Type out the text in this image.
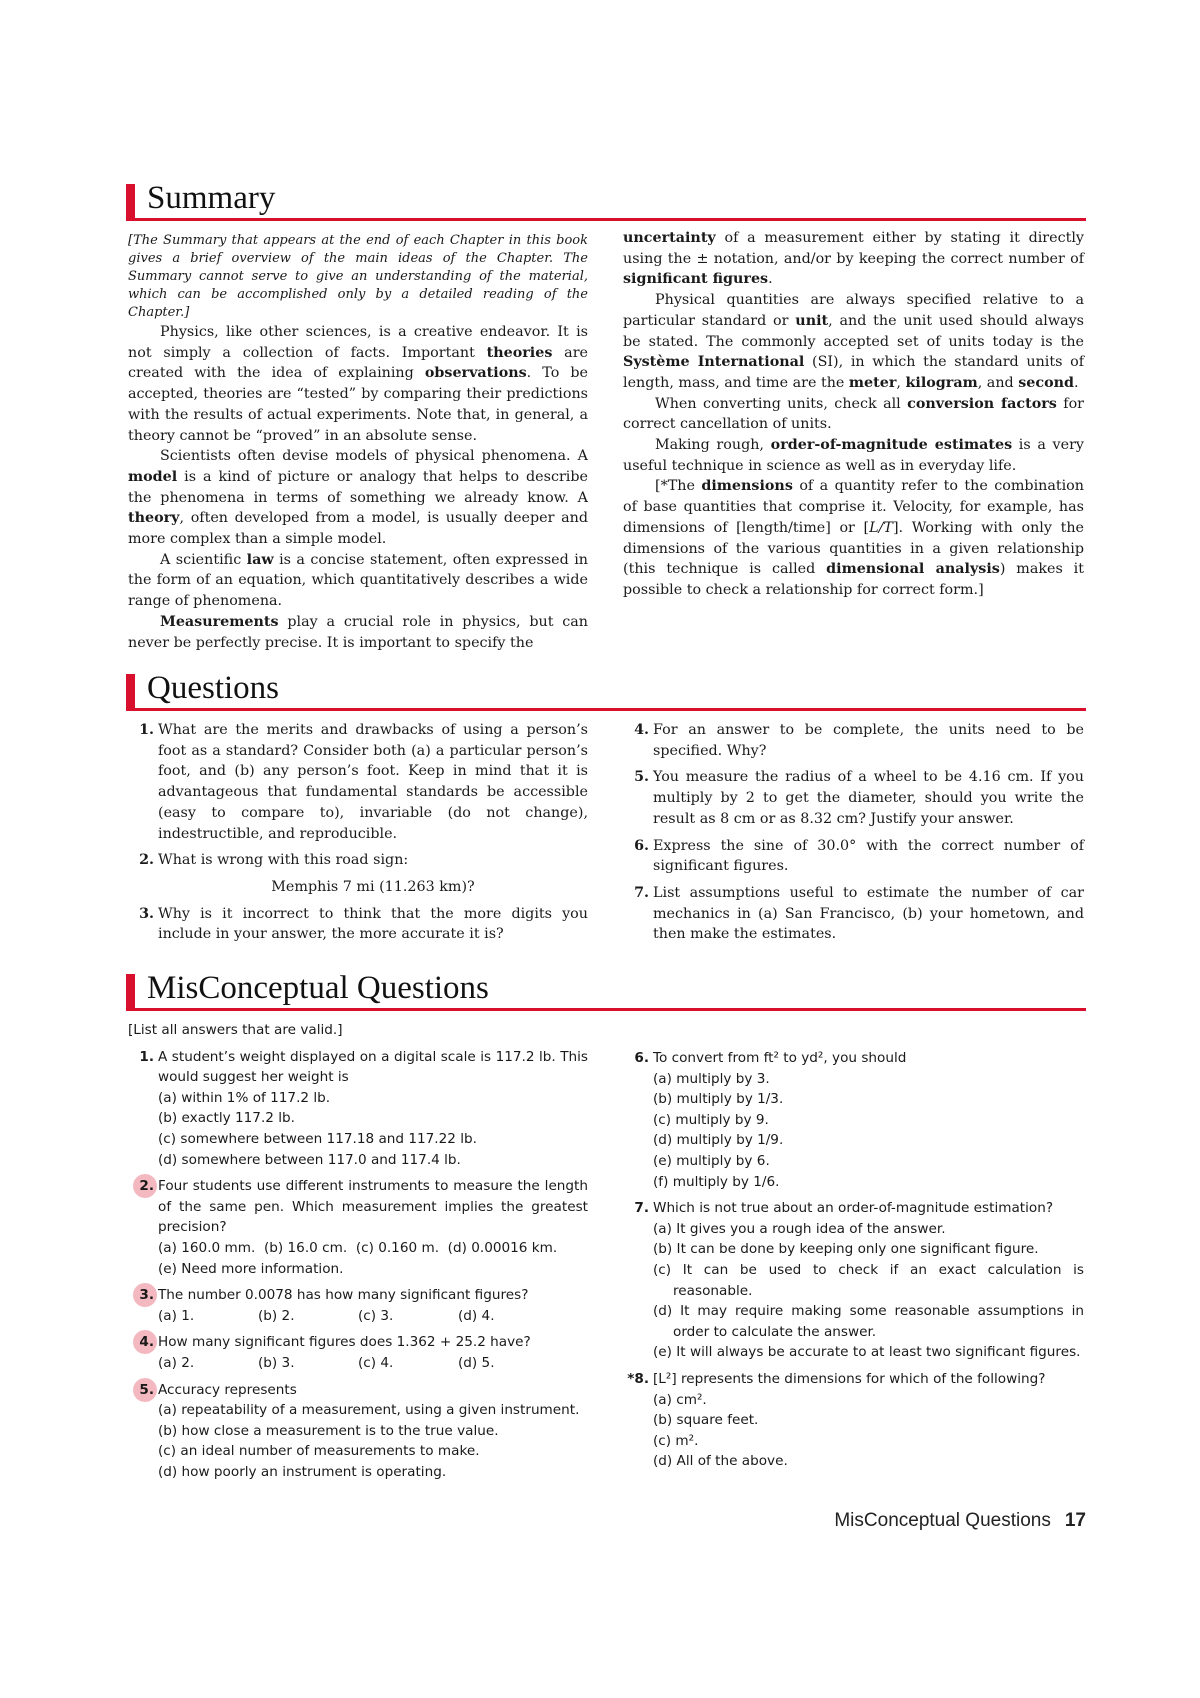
Summary

[The Summary that appears at the end of each Chapter in this book gives a brief overview of the main ideas of the Chapter. The Summary cannot serve to give an understanding of the material, which can be accomplished only by a detailed reading of the Chapter.]

Physics, like other sciences, is a creative endeavor. It is not simply a collection of facts. Important theories are created with the idea of explaining observations. To be accepted, theories are “tested” by comparing their predictions with the results of actual experiments. Note that, in general, a theory cannot be “proved” in an absolute sense.

Scientists often devise models of physical phenomena. A model is a kind of picture or analogy that helps to describe the phenomena in terms of something we already know. A theory, often developed from a model, is usually deeper and more complex than a simple model.

A scientific law is a concise statement, often expressed in the form of an equation, which quantitatively describes a wide range of phenomena.

Measurements play a crucial role in physics, but can never be perfectly precise. It is important to specify the

uncertainty of a measurement either by stating it directly using the ± notation, and/or by keeping the correct number of significant figures.

Physical quantities are always specified relative to a particular standard or unit, and the unit used should always be stated. The commonly accepted set of units today is the Système International (SI), in which the standard units of length, mass, and time are the meter, kilogram, and second.

When converting units, check all conversion factors for correct cancellation of units.

Making rough, order-of-magnitude estimates is a very useful technique in science as well as in everyday life.

[*The dimensions of a quantity refer to the combination of base quantities that comprise it. Velocity, for example, has dimensions of [length/time] or [L/T]. Working with only the dimensions of the various quantities in a given relationship (this technique is called dimensional analysis) makes it possible to check a relationship for correct form.]

Questions
1. What are the merits and drawbacks of using a person’s foot as a standard? Consider both (a) a particular person’s foot, and (b) any person’s foot. Keep in mind that it is advantageous that fundamental standards be accessible (easy to compare to), invariable (do not change), indestructible, and reproducible.
2. What is wrong with this road sign:
Memphis 7 mi (11.263 km)?
3. Why is it incorrect to think that the more digits you include in your answer, the more accurate it is?
4. For an answer to be complete, the units need to be specified. Why?
5. You measure the radius of a wheel to be 4.16 cm. If you multiply by 2 to get the diameter, should you write the result as 8 cm or as 8.32 cm? Justify your answer.
6. Express the sine of 30.0° with the correct number of significant figures.
7. List assumptions useful to estimate the number of car mechanics in (a) San Francisco, (b) your hometown, and then make the estimates.
MisConceptual Questions

[List all answers that are valid.]

1. A student’s weight displayed on a digital scale is 117.2 lb. This would suggest her weight is
(a) within 1% of 117.2 lb.
(b) exactly 117.2 lb.
(c) somewhere between 117.18 and 117.22 lb.
(d) somewhere between 117.0 and 117.4 lb.
2. Four students use different instruments to measure the length of the same pen. Which measurement implies the greatest precision?
(a) 160.0 mm. (b) 16.0 cm. (c) 0.160 m. (d) 0.00016 km.
(e) Need more information.
3. The number 0.0078 has how many significant figures?
(a) 1.	(b) 2.	(c) 3.	(d) 4.
4. How many significant figures does 1.362 + 25.2 have?
(a) 2.	(b) 3.	(c) 4.	(d) 5.
5. Accuracy represents
(a) repeatability of a measurement, using a given instrument.
(b) how close a measurement is to the true value.
(c) an ideal number of measurements to make.
(d) how poorly an instrument is operating.
6. To convert from ft² to yd², you should
(a) multiply by 3.
(b) multiply by 1/3.
(c) multiply by 9.
(d) multiply by 1/9.
(e) multiply by 6.
(f) multiply by 1/6.
7. Which is not true about an order-of-magnitude estimation?
(a) It gives you a rough idea of the answer.
(b) It can be done by keeping only one significant figure.
(c) It can be used to check if an exact calculation is reasonable.
(d) It may require making some reasonable assumptions in order to calculate the answer.
(e) It will always be accurate to at least two significant figures.
*8. [L²] represents the dimensions for which of the following?
(a) cm².
(b) square feet.
(c) m².
(d) All of the above.
MisConceptual Questions 17
